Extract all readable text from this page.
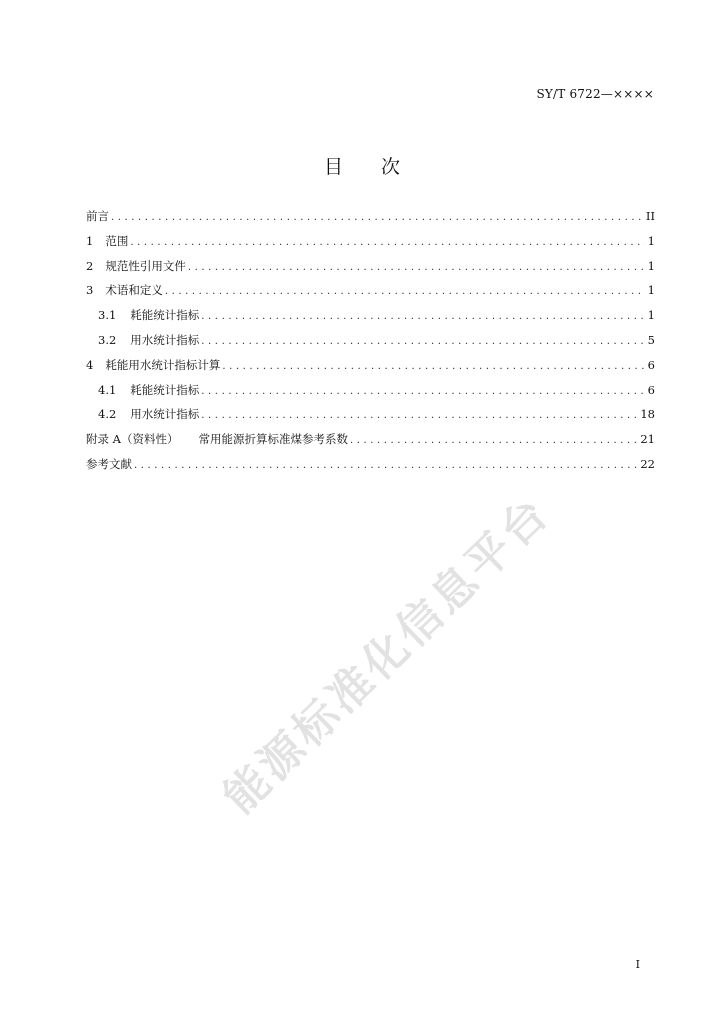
SY/T 6722—××××
目 次
前言 . . .	II
1 范围 . . .	1
2 规范性引用文件 . . .	1
3 术语和定义 . . .	1
3.1 耗能统计指标 . . .	1
3.2 用水统计指标 . . .	5
4 耗能用水统计指标计算 . . .	6
4.1 耗能统计指标 . . .	6
4.2 用水统计指标 . . .	18
附录 A（资料性） 常用能源折算标准煤参考系数 . . .	21
参考文献 . . .	22
能源标准化信息平台
I
